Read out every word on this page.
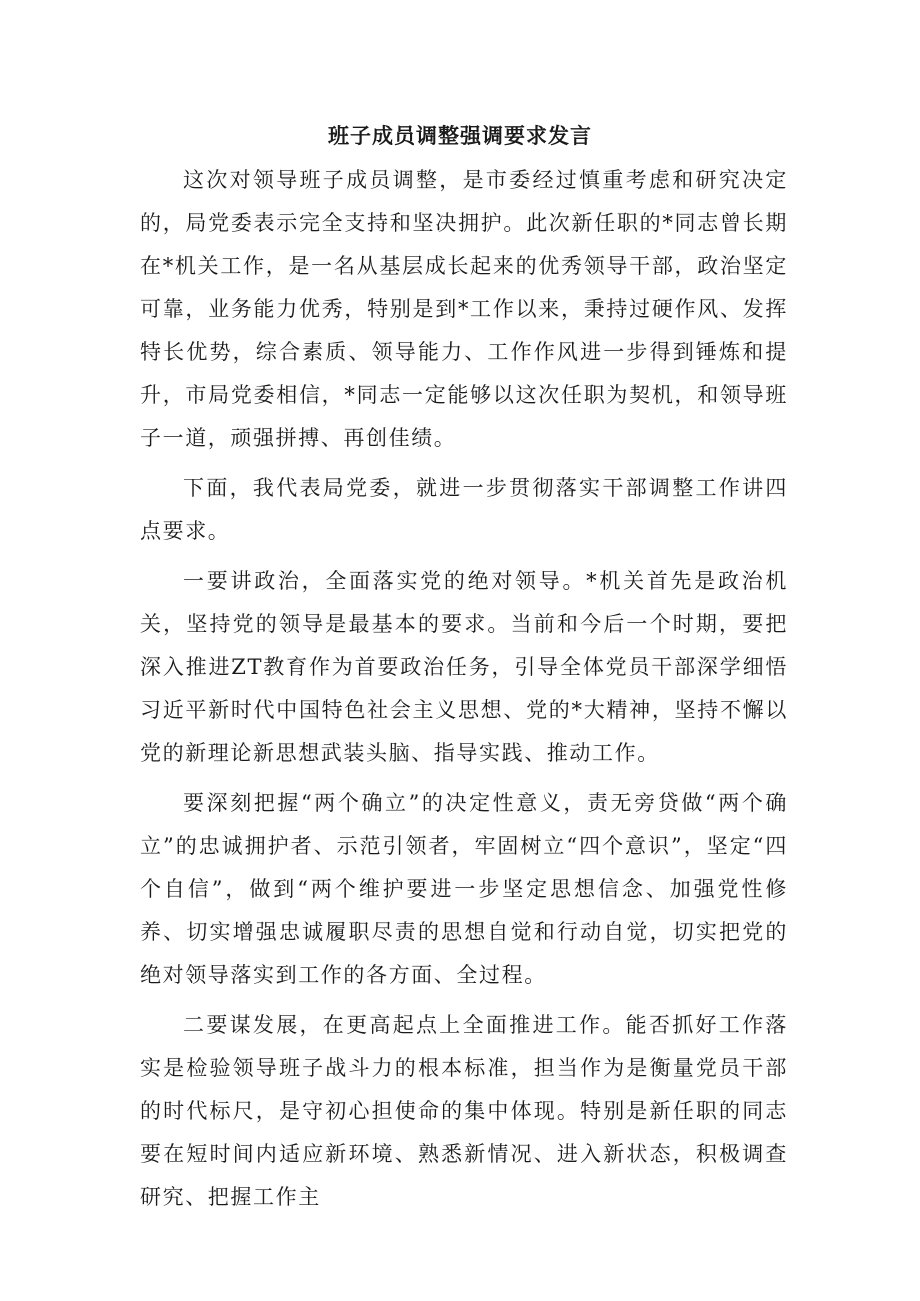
班子成员调整强调要求发言

这次对领导班子成员调整，是市委经过慎重考虑和研究决定的，局党委表示完全支持和坚决拥护。此次新任职的*同志曾长期在*机关工作，是一名从基层成长起来的优秀领导干部，政治坚定可靠，业务能力优秀，特别是到*工作以来，秉持过硬作风、发挥特长优势，综合素质、领导能力、工作作风进一步得到锤炼和提升，市局党委相信，*同志一定能够以这次任职为契机，和领导班子一道，顽强拼搏、再创佳绩。

下面，我代表局党委，就进一步贯彻落实干部调整工作讲四点要求。

一要讲政治，全面落实党的绝对领导。*机关首先是政治机关，坚持党的领导是最基本的要求。当前和今后一个时期，要把深入推进ZT教育作为首要政治任务，引导全体党员干部深学细悟习近平新时代中国特色社会主义思想、党的*大精神，坚持不懈以党的新理论新思想武装头脑、指导实践、推动工作。

要深刻把握“两个确立”的决定性意义，责无旁贷做“两个确立”的忠诚拥护者、示范引领者，牢固树立“四个意识”，坚定“四个自信”，做到“两个维护要进一步坚定思想信念、加强党性修养、切实增强忠诚履职尽责的思想自觉和行动自觉，切实把党的绝对领导落实到工作的各方面、全过程。

二要谋发展，在更高起点上全面推进工作。能否抓好工作落实是检验领导班子战斗力的根本标准，担当作为是衡量党员干部的时代标尺，是守初心担使命的集中体现。特别是新任职的同志要在短时间内适应新环境、熟悉新情况、进入新状态，积极调查研究、把握工作主
